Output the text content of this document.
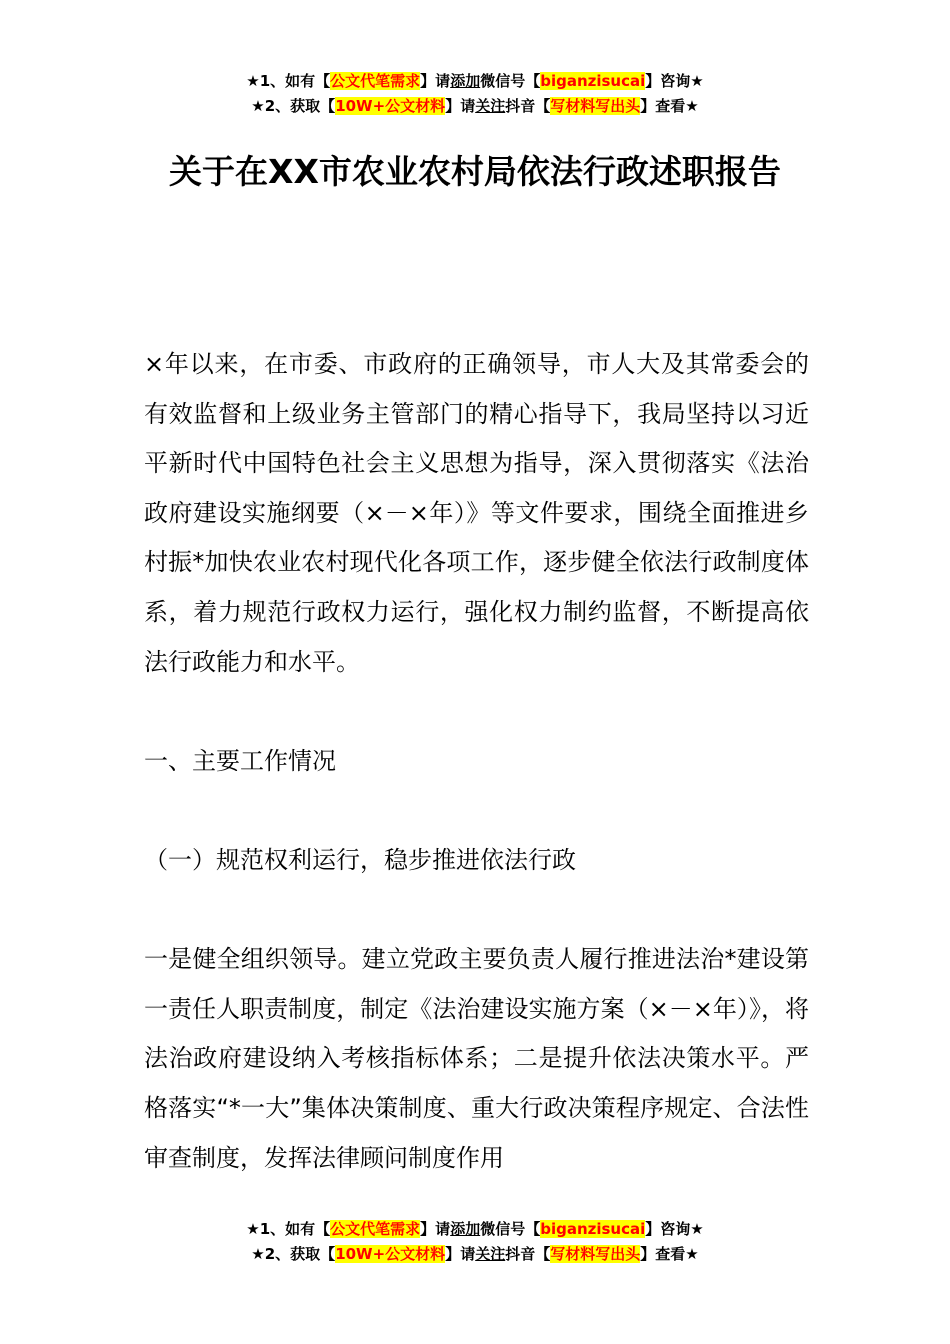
★1、如有【公文代笔需求】请添加微信号【biganzisucai】咨询★
★2、获取【10W+公文材料】请关注抖音【写材料写出头】查看★
关于在XX市农业农村局依法行政述职报告

×年以来，在市委、市政府的正确领导，市人大及其常委会的有效监督和上级业务主管部门的精心指导下，我局坚持以习近平新时代中国特色社会主义思想为指导，深入贯彻落实《法治政府建设实施纲要（×－×年）》等文件要求，围绕全面推进乡村振*加快农业农村现代化各项工作，逐步健全依法行政制度体系，着力规范行政权力运行，强化权力制约监督，不断提高依法行政能力和水平。

一、主要工作情况

（一）规范权利运行，稳步推进依法行政

一是健全组织领导。建立党政主要负责人履行推进法治*建设第一责任人职责制度，制定《法治建设实施方案（×－×年）》，将法治政府建设纳入考核指标体系；二是提升依法决策水平。严格落实“*一大”集体决策制度、重大行政决策程序规定、合法性审查制度，发挥法律顾问制度作用

★1、如有【公文代笔需求】请添加微信号【biganzisucai】咨询★
★2、获取【10W+公文材料】请关注抖音【写材料写出头】查看★
